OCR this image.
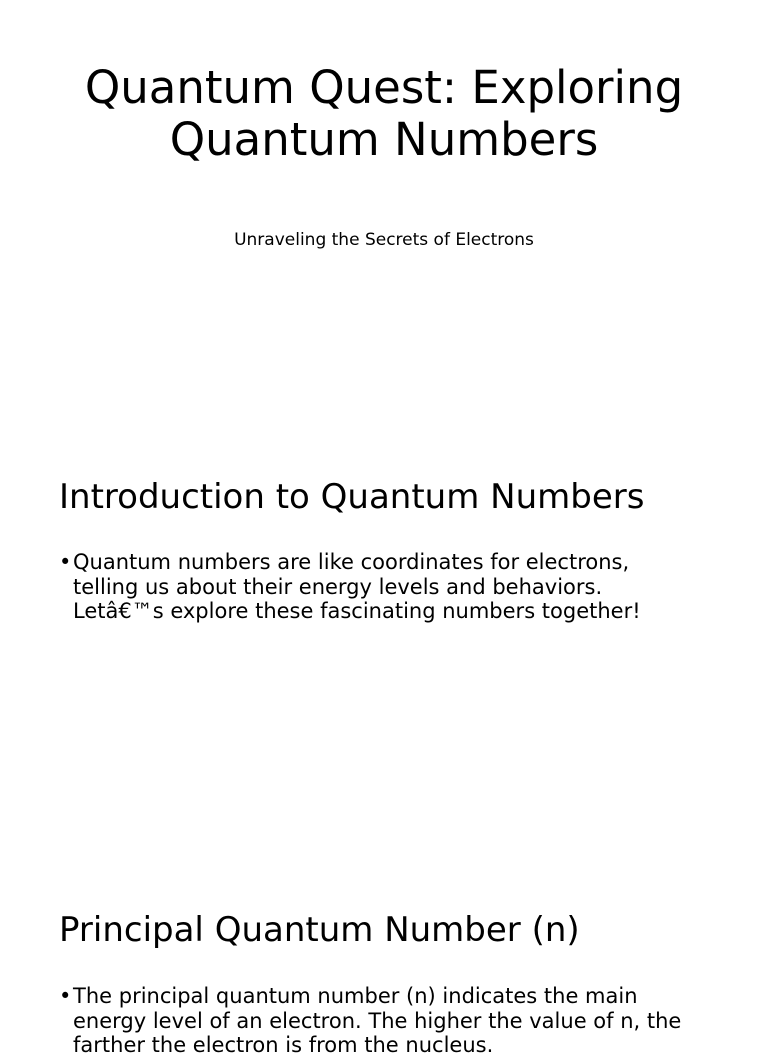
Quantum Quest: Exploring Quantum Numbers
Unraveling the Secrets of Electrons
Introduction to Quantum Numbers
• Quantum numbers are like coordinates for electrons, telling us about their energy levels and behaviors. Letâ€™s explore these fascinating numbers together!
Principal Quantum Number (n)
• The principal quantum number (n) indicates the main energy level of an electron. The higher the value of n, the farther the electron is from the nucleus.
